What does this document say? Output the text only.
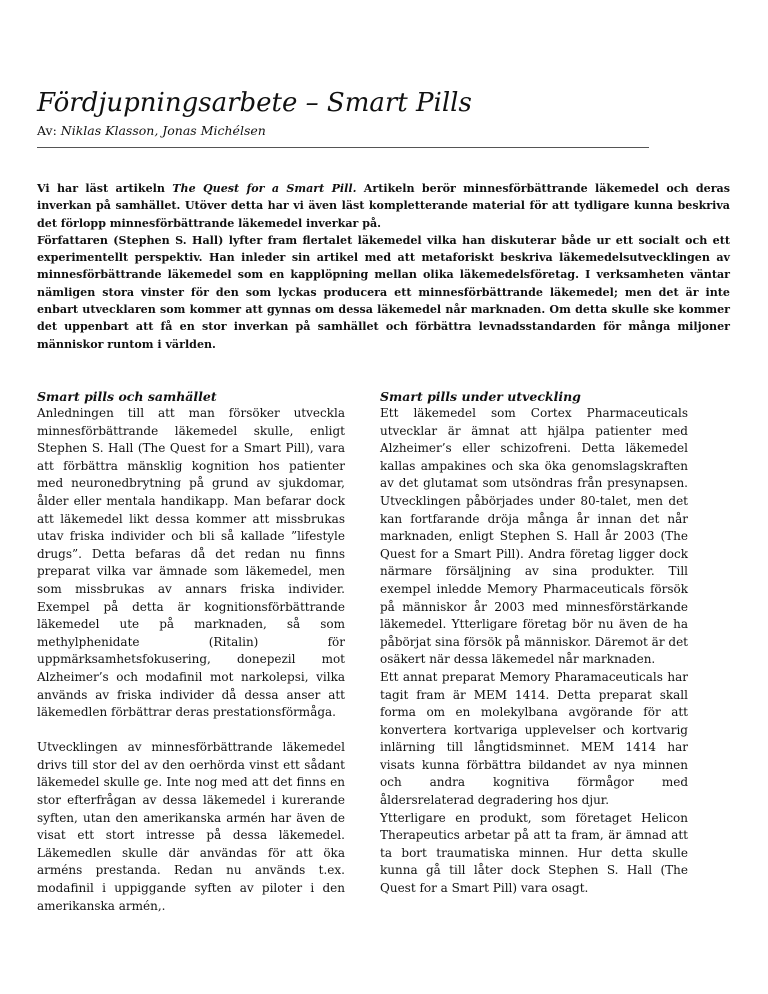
Fördjupningsarbete – Smart Pills
Av: Niklas Klasson, Jonas Michélsen

Vi har läst artikeln The Quest for a Smart Pill. Artikeln berör minnesförbättrande läkemedel och deras inverkan på samhället. Utöver detta har vi även läst kompletterande material för att tydligare kunna beskriva det förlopp minnesförbättrande läkemedel inverkar på.

Författaren (Stephen S. Hall) lyfter fram flertalet läkemedel vilka han diskuterar både ur ett socialt och ett experimentellt perspektiv. Han inleder sin artikel med att metaforiskt beskriva läkemedelsutvecklingen av minnesförbättrande läkemedel som en kapplöpning mellan olika läkemedelsföretag. I verksamheten väntar nämligen stora vinster för den som lyckas producera ett minnesförbättrande läkemedel; men det är inte enbart utvecklaren som kommer att gynnas om dessa läkemedel når marknaden. Om detta skulle ske kommer det uppenbart att få en stor inverkan på samhället och förbättra levnadsstandarden för många miljoner människor runtom i världen.

Smart pills och samhället

Anledningen till att man försöker utveckla minnesförbättrande läkemedel skulle, enligt Stephen S. Hall (The Quest for a Smart Pill), vara att förbättra mänsklig kognition hos patienter med neuronedbrytning på grund av sjukdomar, ålder eller mentala handikapp. Man befarar dock att läkemedel likt dessa kommer att missbrukas utav friska individer och bli så kallade ”lifestyle drugs”. Detta befaras då det redan nu finns preparat vilka var ämnade som läkemedel, men som missbrukas av annars friska individer. Exempel på detta är kognitionsförbättrande läkemedel ute på marknaden, så som methylphenidate (Ritalin) för uppmärksamhetsfokusering, donepezil mot Alzheimer’s och modafinil mot narkolepsi, vilka används av friska individer då dessa anser att läkemedlen förbättrar deras prestationsförmåga.

Utvecklingen av minnesförbättrande läkemedel drivs till stor del av den oerhörda vinst ett sådant läkemedel skulle ge. Inte nog med att det finns en stor efterfrågan av dessa läkemedel i kurerande syften, utan den amerikanska armén har även de visat ett stort intresse på dessa läkemedel. Läkemedlen skulle där användas för att öka arméns prestanda. Redan nu används t.ex. modafinil i uppiggande syften av piloter i den amerikanska armén,.

Smart pills under utveckling

Ett läkemedel som Cortex Pharmaceuticals utvecklar är ämnat att hjälpa patienter med Alzheimer’s eller schizofreni. Detta läkemedel kallas ampakines och ska öka genomslagskraften av det glutamat som utsöndras från presynapsen. Utvecklingen påbörjades under 80-talet, men det kan fortfarande dröja många år innan det når marknaden, enligt Stephen S. Hall år 2003 (The Quest for a Smart Pill). Andra företag ligger dock närmare försäljning av sina produkter. Till exempel inledde Memory Pharmaceuticals försök på människor år 2003 med minnesförstärkande läkemedel. Ytterligare företag bör nu även de ha påbörjat sina försök på människor. Däremot är det osäkert när dessa läkemedel når marknaden.

Ett annat preparat Memory Pharamaceuticals har tagit fram är MEM 1414. Detta preparat skall forma om en molekylbana avgörande för att konvertera kortvariga upplevelser och kortvarig inlärning till långtidsminnet. MEM 1414 har visats kunna förbättra bildandet av nya minnen och andra kognitiva förmågor med åldersrelaterad degradering hos djur.

Ytterligare en produkt, som företaget Helicon Therapeutics arbetar på att ta fram, är ämnad att ta bort traumatiska minnen. Hur detta skulle kunna gå till låter dock Stephen S. Hall (The Quest for a Smart Pill) vara osagt.
